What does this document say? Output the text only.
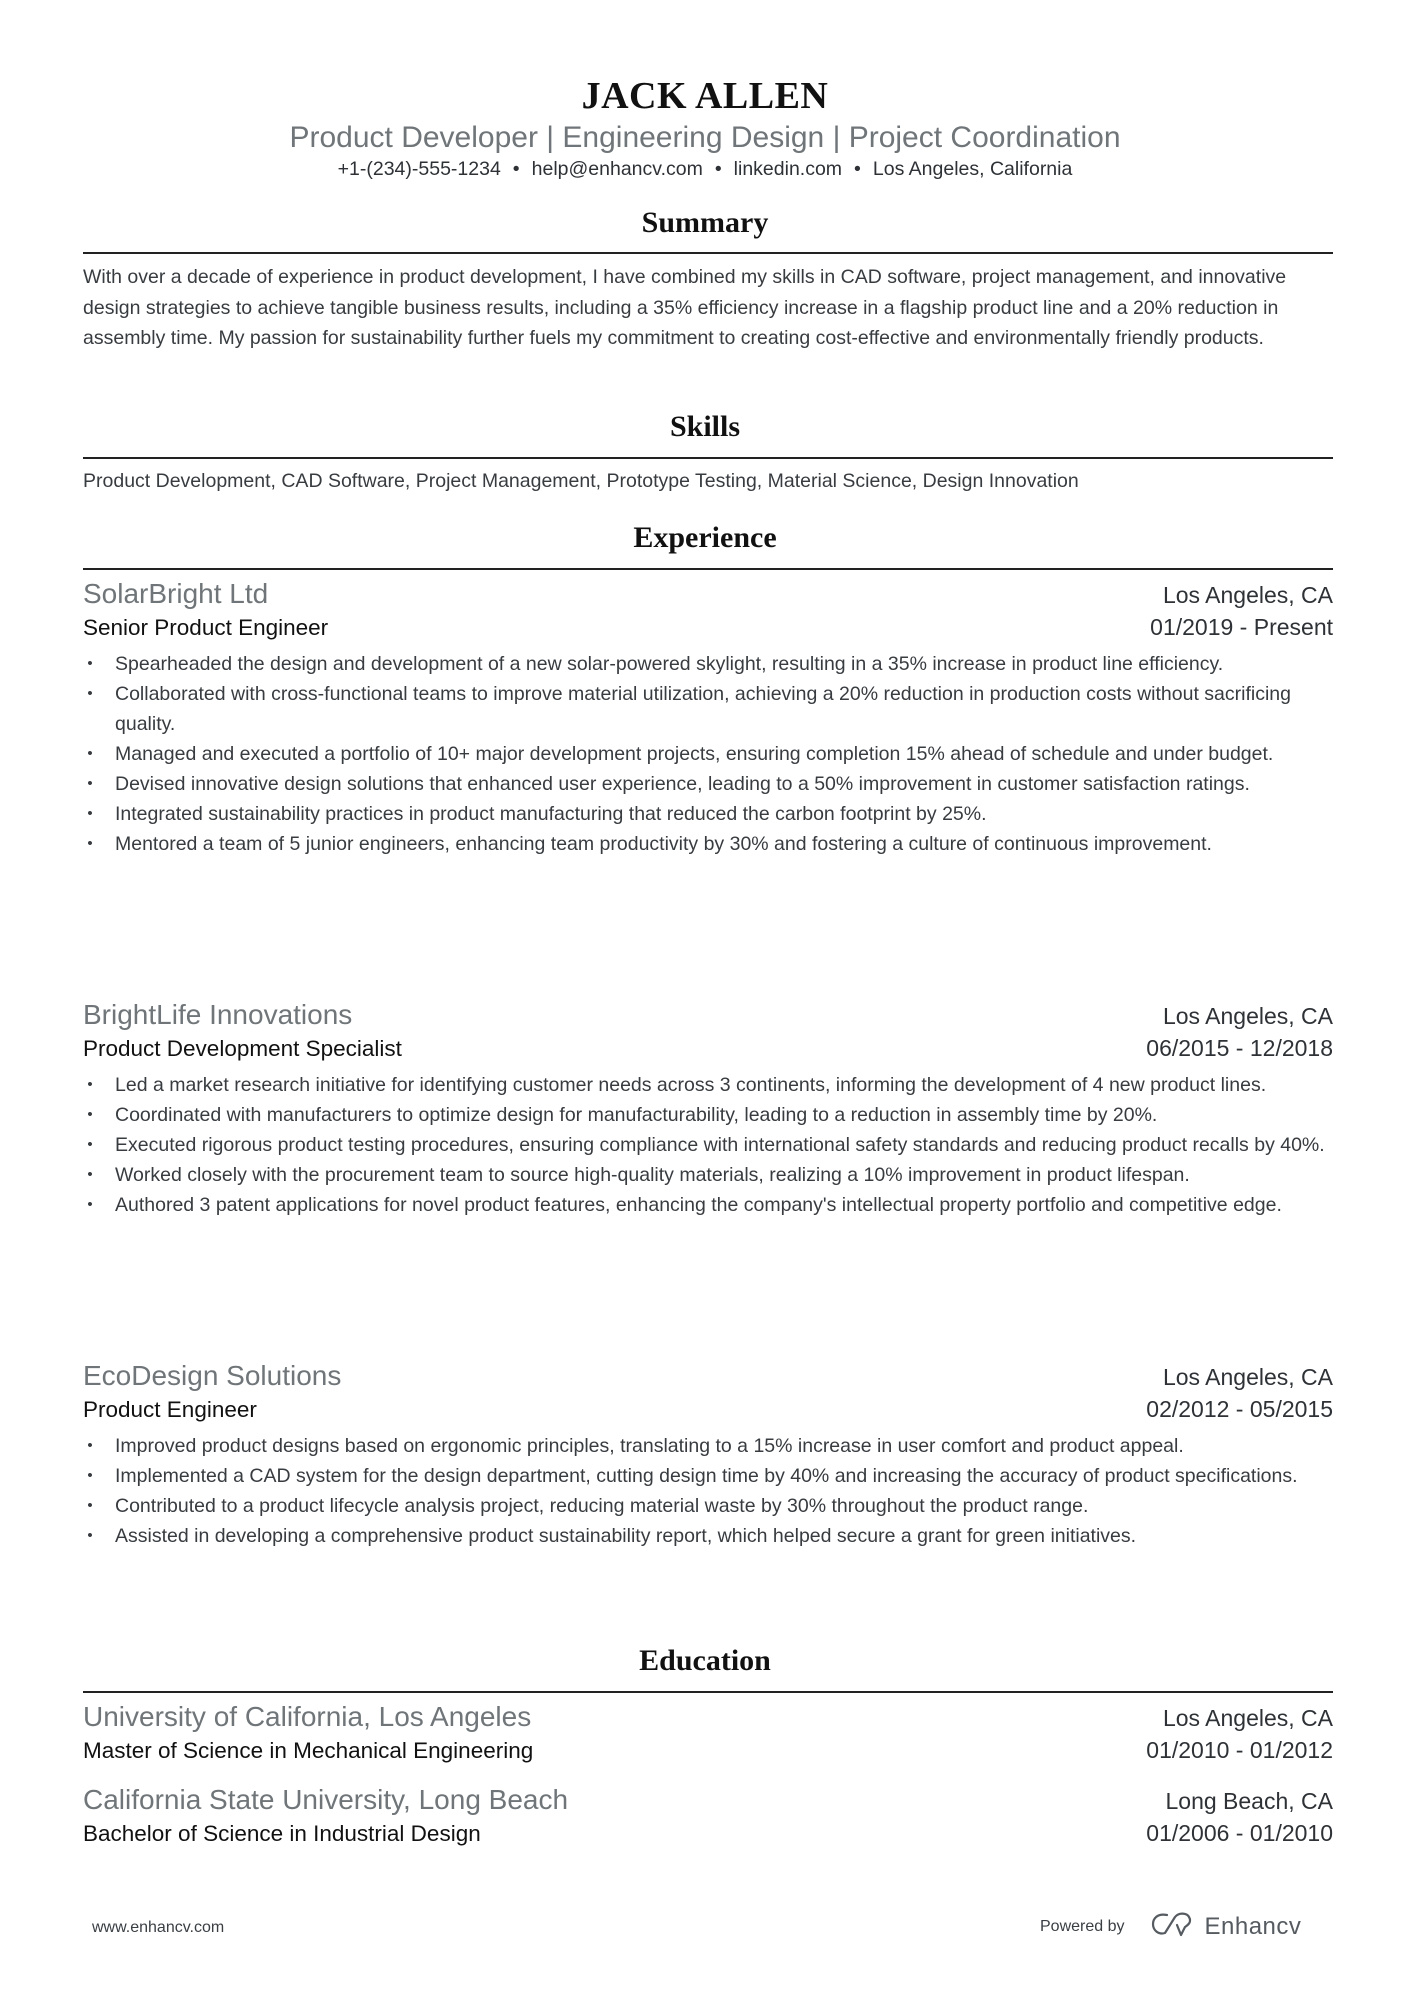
JACK ALLEN
Product Developer | Engineering Design | Project Coordination
+1-(234)-555-1234 • help@enhancv.com • linkedin.com • Los Angeles, California
Summary
With over a decade of experience in product development, I have combined my skills in CAD software, project management, and innovative design strategies to achieve tangible business results, including a 35% efficiency increase in a flagship product line and a 20% reduction in assembly time. My passion for sustainability further fuels my commitment to creating cost-effective and environmentally friendly products.
Skills
Product Development, CAD Software, Project Management, Prototype Testing, Material Science, Design Innovation
Experience
SolarBright Ltd	Los Angeles, CA
Senior Product Engineer	01/2019 - Present
• Spearheaded the design and development of a new solar-powered skylight, resulting in a 35% increase in product line efficiency.
• Collaborated with cross-functional teams to improve material utilization, achieving a 20% reduction in production costs without sacrificing quality.
• Managed and executed a portfolio of 10+ major development projects, ensuring completion 15% ahead of schedule and under budget.
• Devised innovative design solutions that enhanced user experience, leading to a 50% improvement in customer satisfaction ratings.
• Integrated sustainability practices in product manufacturing that reduced the carbon footprint by 25%.
• Mentored a team of 5 junior engineers, enhancing team productivity by 30% and fostering a culture of continuous improvement.
BrightLife Innovations	Los Angeles, CA
Product Development Specialist	06/2015 - 12/2018
• Led a market research initiative for identifying customer needs across 3 continents, informing the development of 4 new product lines.
• Coordinated with manufacturers to optimize design for manufacturability, leading to a reduction in assembly time by 20%.
• Executed rigorous product testing procedures, ensuring compliance with international safety standards and reducing product recalls by 40%.
• Worked closely with the procurement team to source high-quality materials, realizing a 10% improvement in product lifespan.
• Authored 3 patent applications for novel product features, enhancing the company's intellectual property portfolio and competitive edge.
EcoDesign Solutions	Los Angeles, CA
Product Engineer	02/2012 - 05/2015
• Improved product designs based on ergonomic principles, translating to a 15% increase in user comfort and product appeal.
• Implemented a CAD system for the design department, cutting design time by 40% and increasing the accuracy of product specifications.
• Contributed to a product lifecycle analysis project, reducing material waste by 30% throughout the product range.
• Assisted in developing a comprehensive product sustainability report, which helped secure a grant for green initiatives.
Education
University of California, Los Angeles	Los Angeles, CA
Master of Science in Mechanical Engineering	01/2010 - 01/2012
California State University, Long Beach	Long Beach, CA
Bachelor of Science in Industrial Design	01/2006 - 01/2010
www.enhancv.com	Powered by	Enhancv
